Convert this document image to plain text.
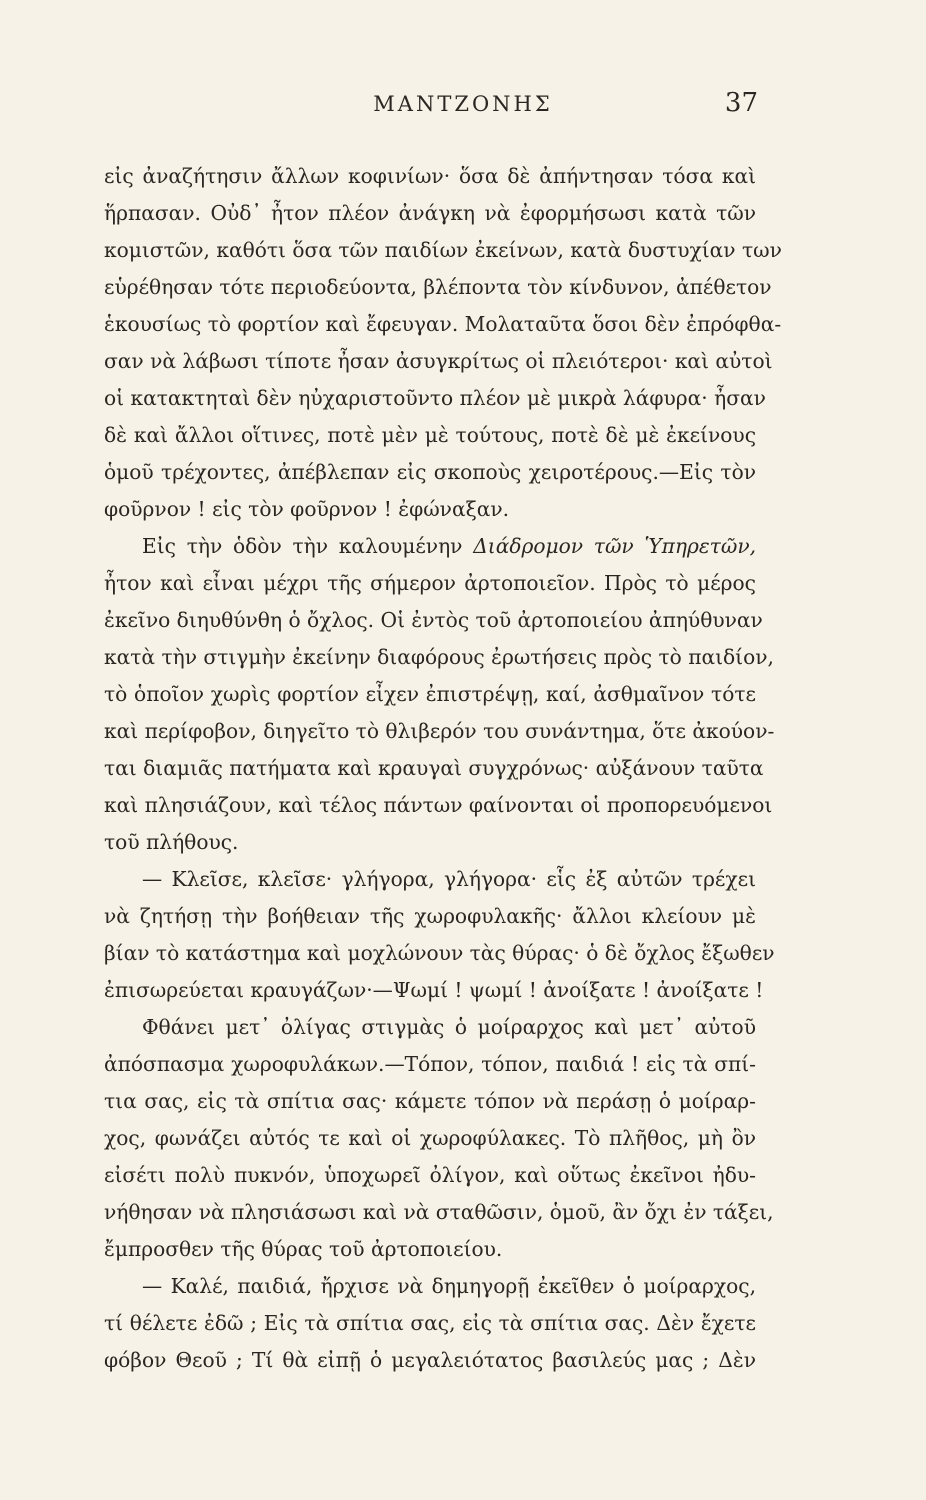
ΜΑΝΤΖΟΝΗΣ	37
εἰς ἀναζήτησιν ἄλλων κοφινίων· ὅσα δὲ ἀπήντησαν τόσα καὶ
ἥρπασαν. Οὐδ᾽ ἦτον πλέον ἀνάγκη νὰ ἐφορμήσωσι κατὰ τῶν
κομιστῶν, καθότι ὅσα τῶν παιδίων ἐκείνων, κατὰ δυστυχίαν των
εὑρέθησαν τότε περιοδεύοντα, βλέποντα τὸν κίνδυνον, ἀπέθετον
ἑκουσίως τὸ φορτίον καὶ ἔφευγαν. Μολαταῦτα ὅσοι δὲν ἐπρόφθα-
σαν νὰ λάβωσι τίποτε ἦσαν ἀσυγκρίτως οἱ πλειότεροι· καὶ αὐτοὶ
οἱ κατακτηταὶ δὲν ηὐχαριστοῦντο πλέον μὲ μικρὰ λάφυρα· ἦσαν
δὲ καὶ ἄλλοι οἵτινες, ποτὲ μὲν μὲ τούτους, ποτὲ δὲ μὲ ἐκείνους
ὁμοῦ τρέχοντες, ἀπέβλεπαν εἰς σκοποὺς χειροτέρους.—Εἰς τὸν
φοῦρνον ! εἰς τὸν φοῦρνον ! ἐφώναξαν.
Εἰς τὴν ὁδὸν τὴν καλουμένην Διάδρομον τῶν Ὑπηρετῶν,
ἦτον καὶ εἶναι μέχρι τῆς σήμερον ἀρτοποιεῖον. Πρὸς τὸ μέρος
ἐκεῖνο διηυθύνθη ὁ ὄχλος. Οἱ ἐντὸς τοῦ ἀρτοποιείου ἀπηύθυναν
κατὰ τὴν στιγμὴν ἐκείνην διαφόρους ἐρωτήσεις πρὸς τὸ παιδίον,
τὸ ὁποῖον χωρὶς φορτίον εἶχεν ἐπιστρέψῃ, καί, ἀσθμαῖνον τότε
καὶ περίφοβον, διηγεῖτο τὸ θλιβερόν του συνάντημα, ὅτε ἀκούον-
ται διαμιᾶς πατήματα καὶ κραυγαὶ συγχρόνως· αὐξάνουν ταῦτα
καὶ πλησιάζουν, καὶ τέλος πάντων φαίνονται οἱ προπορευόμενοι
τοῦ πλήθους.
— Κλεῖσε, κλεῖσε· γλήγορα, γλήγορα· εἷς ἐξ αὐτῶν τρέχει
νὰ ζητήσῃ τὴν βοήθειαν τῆς χωροφυλακῆς· ἄλλοι κλείουν μὲ
βίαν τὸ κατάστημα καὶ μοχλώνουν τὰς θύρας· ὁ δὲ ὄχλος ἔξωθεν
ἐπισωρεύεται κραυγάζων·—Ψωμί ! ψωμί ! ἀνοίξατε ! ἀνοίξατε !
Φθάνει μετ᾽ ὀλίγας στιγμὰς ὁ μοίραρχος καὶ μετ᾽ αὐτοῦ
ἀπόσπασμα χωροφυλάκων.—Τόπον, τόπον, παιδιά ! εἰς τὰ σπί-
τια σας, εἰς τὰ σπίτια σας· κάμετε τόπον νὰ περάσῃ ὁ μοίραρ-
χος, φωνάζει αὐτός τε καὶ οἱ χωροφύλακες. Τὸ πλῆθος, μὴ ὂν
εἰσέτι πολὺ πυκνόν, ὑποχωρεῖ ὀλίγον, καὶ οὕτως ἐκεῖνοι ἠδυ-
νήθησαν νὰ πλησιάσωσι καὶ νὰ σταθῶσιν, ὁμοῦ, ἂν ὄχι ἐν τάξει,
ἔμπροσθεν τῆς θύρας τοῦ ἀρτοποιείου.
— Καλέ, παιδιά, ἤρχισε νὰ δημηγορῇ ἐκεῖθεν ὁ μοίραρχος,
τί θέλετε ἐδῶ ; Εἰς τὰ σπίτια σας, εἰς τὰ σπίτια σας. Δὲν ἔχετε
φόβον Θεοῦ ; Τί θὰ εἰπῇ ὁ μεγαλειότατος βασιλεύς μας ; Δὲν
